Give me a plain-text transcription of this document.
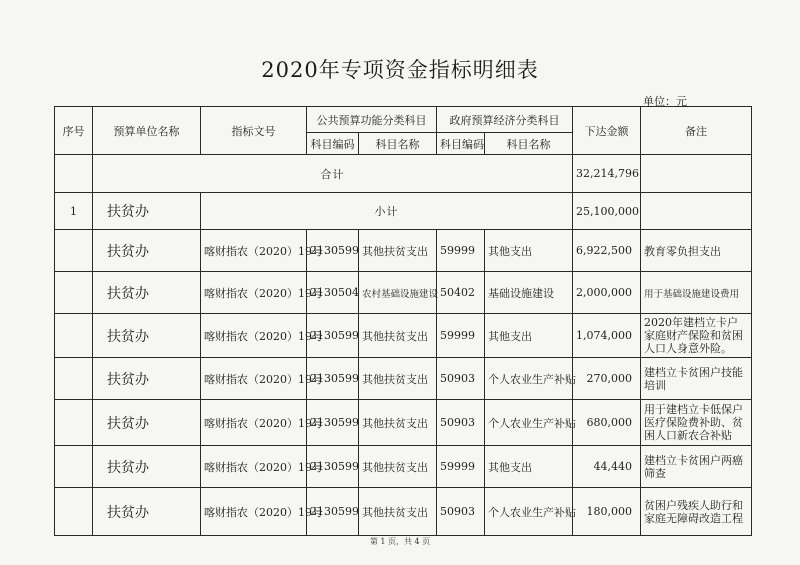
2020年专项资金指标明细表
单位：元
序号	预算单位名称	指标文号	公共预算功能分类科目		政府预算经济分类科目		下达金额	备注
			科目编码	科目名称	科目编码	科目名称		
	合计						32,214,796	
1	扶贫办	小计					25,100,000	
	扶贫办	喀财指农（2020）19号	2130599	其他扶贫支出	59999	其他支出	6,922,500	教育零负担支出
	扶贫办	喀财指农（2020）19号	2130504	农村基础设施建设	50402	基础设施建设	2,000,000	用于基础设施建设费用
	扶贫办	喀财指农（2020）19号	2130599	其他扶贫支出	59999	其他支出	1,074,000	2020年建档立卡户家庭财产保险和贫困人口人身意外险。
	扶贫办	喀财指农（2020）19号	2130599	其他扶贫支出	50903	个人农业生产补贴	270,000	建档立卡贫困户技能培训
	扶贫办	喀财指农（2020）19号	2130599	其他扶贫支出	50903	个人农业生产补贴	680,000	用于建档立卡低保户医疗保险费补助、贫困人口新农合补贴
	扶贫办	喀财指农（2020）19号	2130599	其他扶贫支出	59999	其他支出	44,440	建档立卡贫困户两癌筛查
	扶贫办	喀财指农（2020）19号	2130599	其他扶贫支出	50903	个人农业生产补贴	180,000	贫困户残疾人助行和家庭无障碍改造工程
第 1 页，共 4 页
